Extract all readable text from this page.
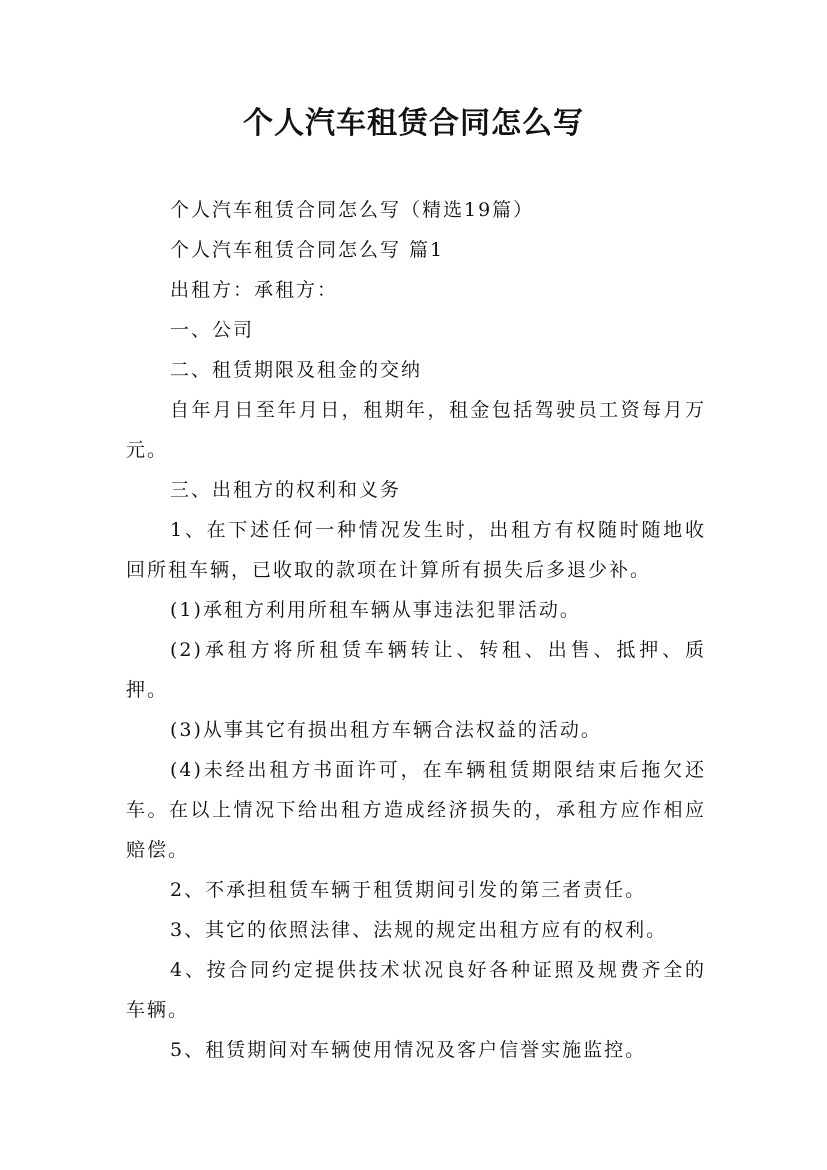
个人汽车租赁合同怎么写

个人汽车租赁合同怎么写（精选19篇）

个人汽车租赁合同怎么写 篇1

出租方：承租方：

一、公司

二、租赁期限及租金的交纳

自年月日至年月日，租期年，租金包括驾驶员工资每月万元。

三、出租方的权利和义务

1、在下述任何一种情况发生时，出租方有权随时随地收回所租车辆，已收取的款项在计算所有损失后多退少补。

(1)承租方利用所租车辆从事违法犯罪活动。

(2)承租方将所租赁车辆转让、转租、出售、抵押、质押。

(3)从事其它有损出租方车辆合法权益的活动。

(4)未经出租方书面许可，在车辆租赁期限结束后拖欠还车。在以上情况下给出租方造成经济损失的，承租方应作相应赔偿。

2、不承担租赁车辆于租赁期间引发的第三者责任。

3、其它的依照法律、法规的规定出租方应有的权利。

4、按合同约定提供技术状况良好各种证照及规费齐全的车辆。

5、租赁期间对车辆使用情况及客户信誉实施监控。
